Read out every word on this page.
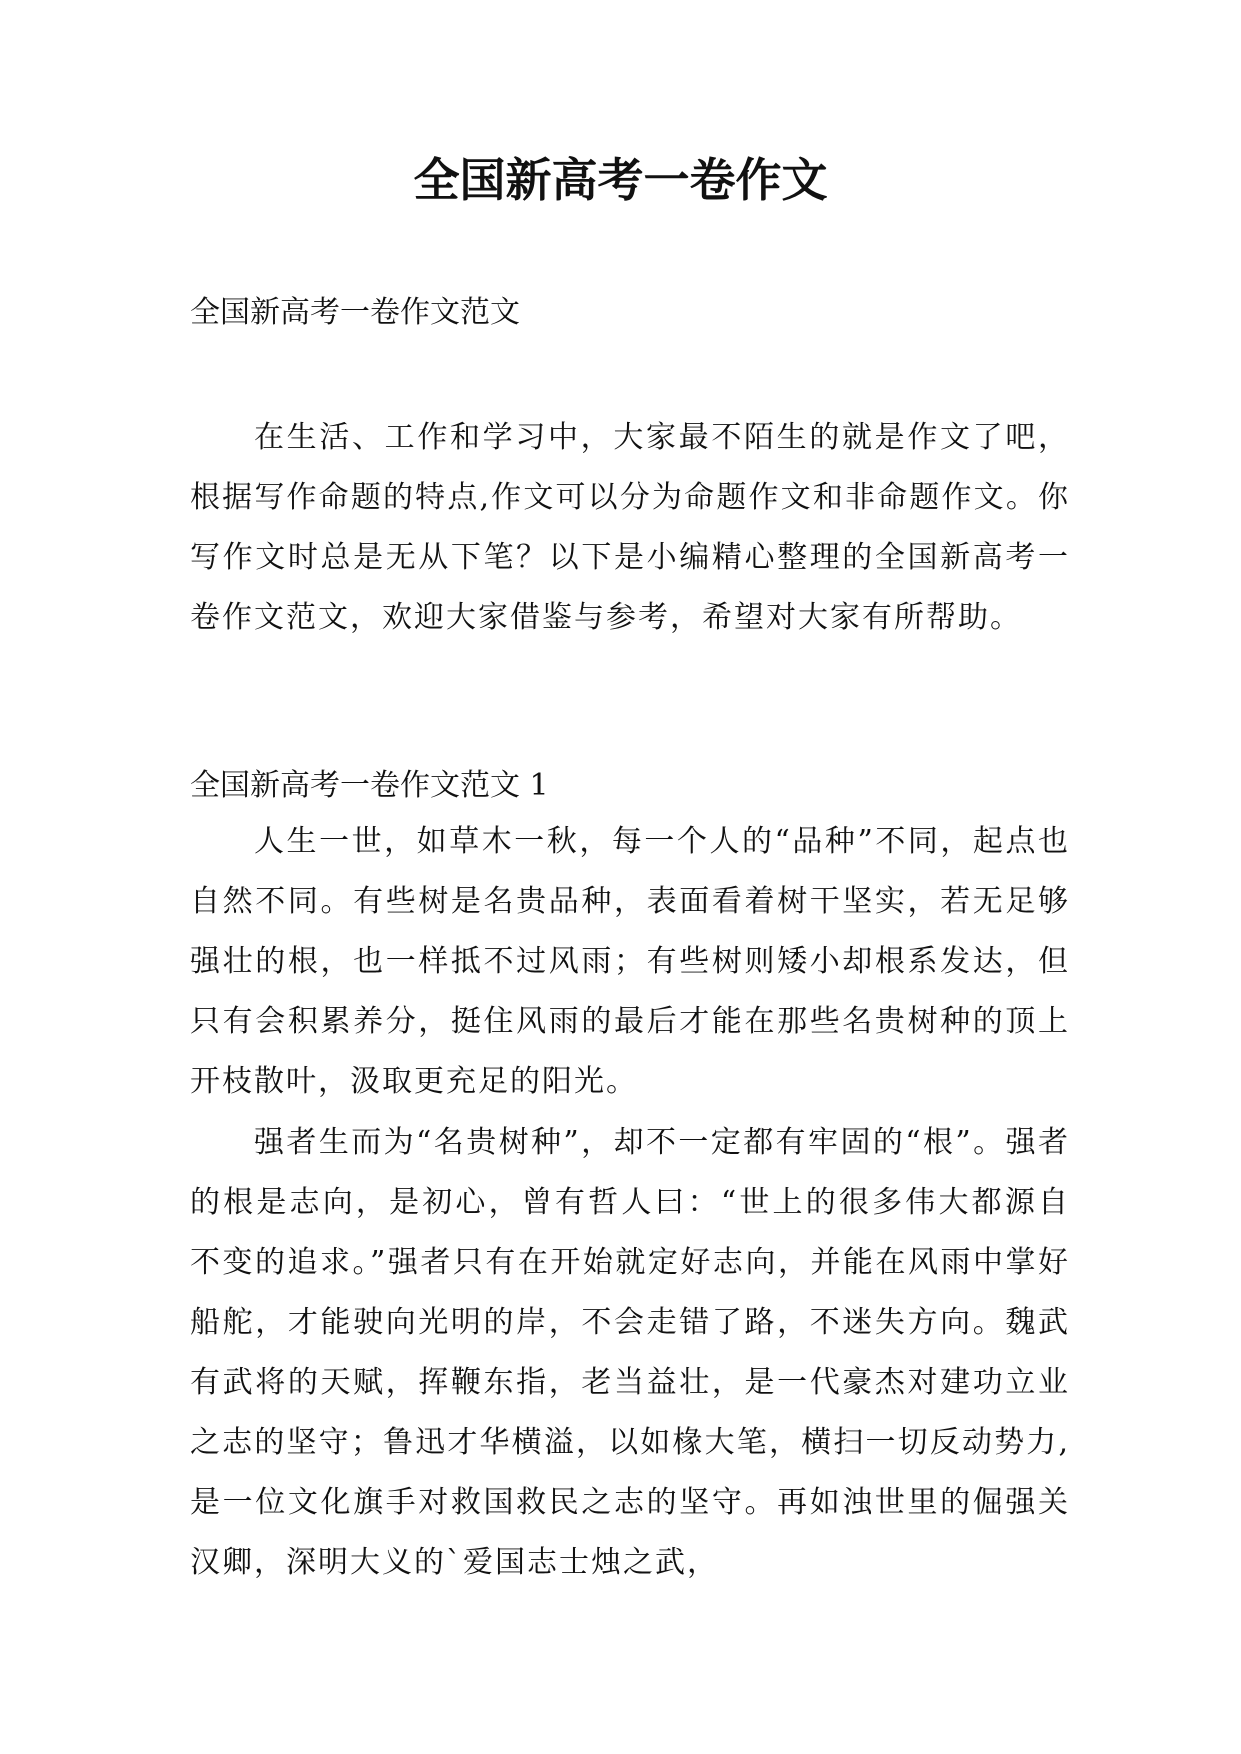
全国新高考一卷作文

全国新高考一卷作文范文

在生活、工作和学习中，大家最不陌生的就是作文了吧，根据写作命题的特点,作文可以分为命题作文和非命题作文。你写作文时总是无从下笔？以下是小编精心整理的全国新高考一卷作文范文，欢迎大家借鉴与参考，希望对大家有所帮助。

全国新高考一卷作文范文 1

人生一世，如草木一秋，每一个人的“品种”不同，起点也自然不同。有些树是名贵品种，表面看着树干坚实，若无足够强壮的根，也一样抵不过风雨；有些树则矮小却根系发达，但只有会积累养分，挺住风雨的最后才能在那些名贵树种的顶上开枝散叶，汲取更充足的阳光。

强者生而为“名贵树种”，却不一定都有牢固的“根”。强者的根是志向，是初心，曾有哲人曰：“世上的很多伟大都源自不变的追求。”强者只有在开始就定好志向，并能在风雨中掌好船舵，才能驶向光明的岸，不会走错了路，不迷失方向。魏武有武将的天赋，挥鞭东指，老当益壮，是一代豪杰对建功立业之志的坚守；鲁迅才华横溢，以如椽大笔，横扫一切反动势力,是一位文化旗手对救国救民之志的坚守。再如浊世里的倔强关汉卿，深明大义的`爱国志士烛之武，
